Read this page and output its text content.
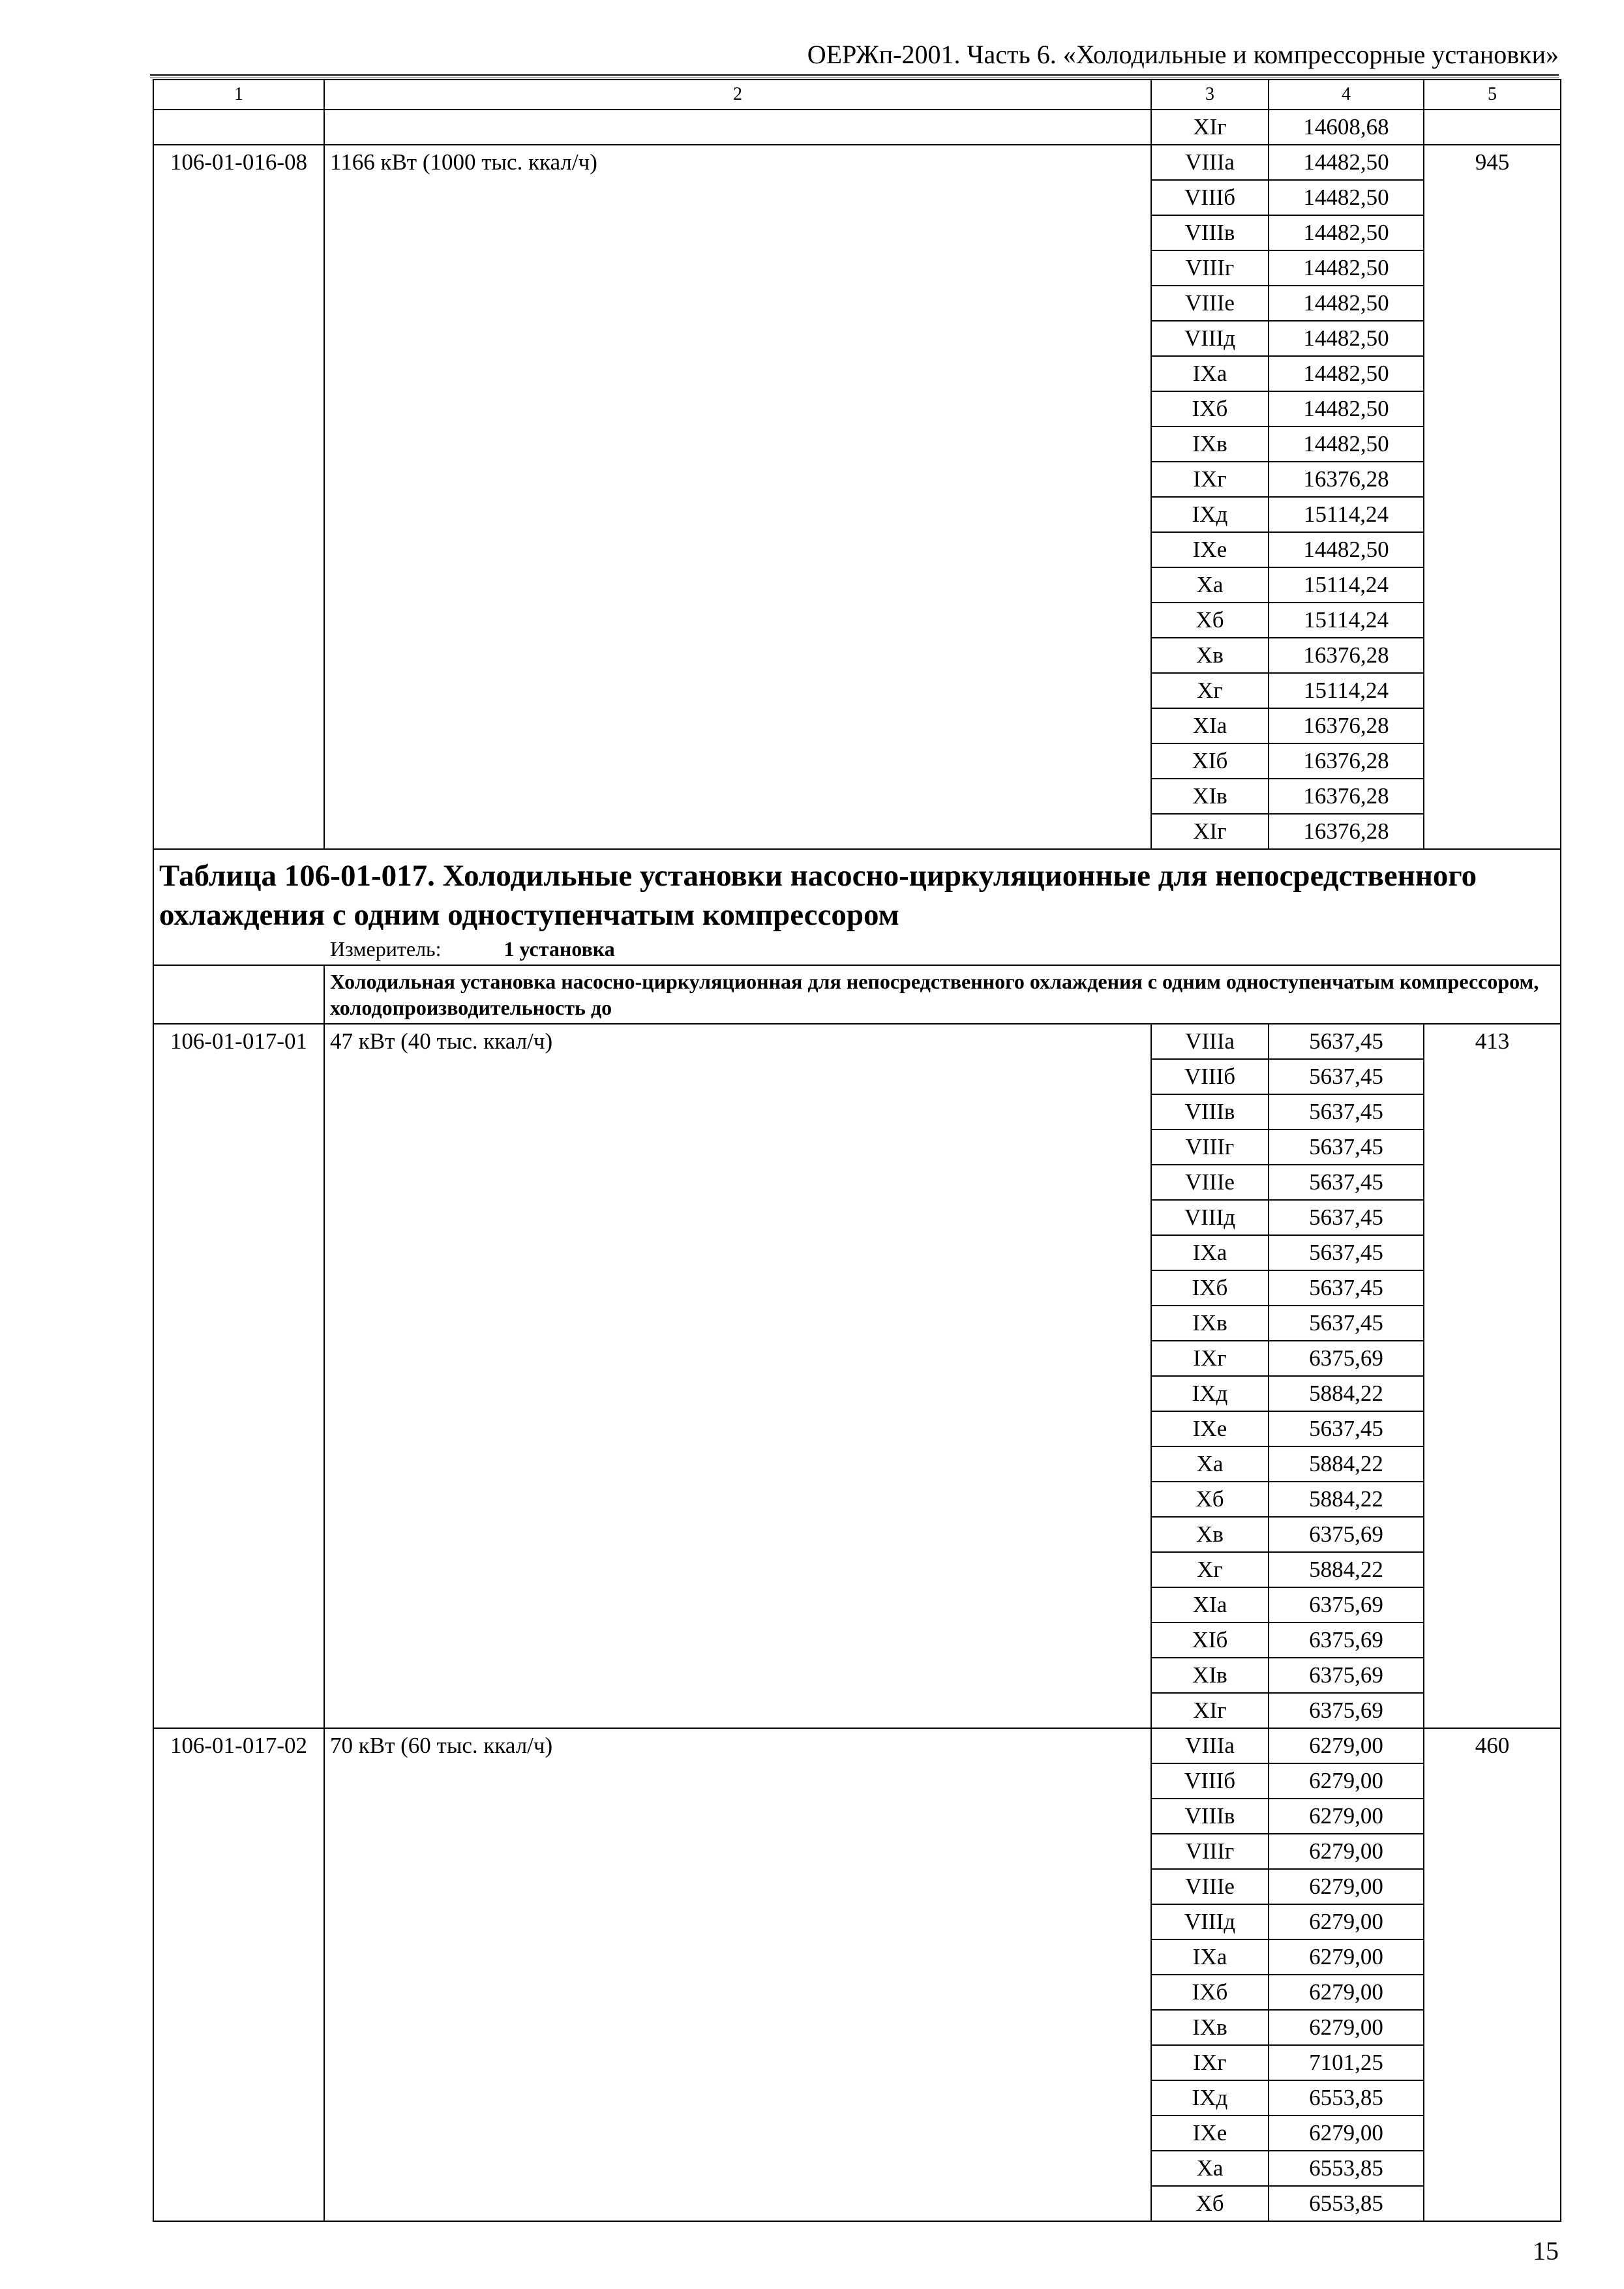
ОЕРЖп-2001. Часть 6. «Холодильные и компрессорные установки»
1	2	3	4	5
		XIг	14608,68	
106-01-016-08	1166 кВт (1000 тыс. ккал/ч)	VIIIа	14482,50	945
		VIIIб	14482,50	
		VIIIв	14482,50	
		VIIIг	14482,50	
		VIIIе	14482,50	
		VIIIд	14482,50	
		IXа	14482,50	
		IXб	14482,50	
		IXв	14482,50	
		IXг	16376,28	
		IXд	15114,24	
		IXе	14482,50	
		Xа	15114,24	
		Xб	15114,24	
		Xв	16376,28	
		Xг	15114,24	
		XIа	16376,28	
		XIб	16376,28	
		XIв	16376,28	
		XIг	16376,28	

Таблица 106-01-017. Холодильные установки насосно-циркуляционные для непосредственного охлаждения с одним одноступенчатым компрессором
Измеритель: 1 установка				

	Холодильная установка насосно-циркуляционная для непосредственного охлаждения с одним одноступенчатым компрессором, холодопроизводительность до			
106-01-017-01	47 кВт (40 тыс. ккал/ч)	VIIIа	5637,45	413
		VIIIб	5637,45	
		VIIIв	5637,45	
		VIIIг	5637,45	
		VIIIе	5637,45	
		VIIIд	5637,45	
		IXа	5637,45	
		IXб	5637,45	
		IXв	5637,45	
		IXг	6375,69	
		IXд	5884,22	
		IXе	5637,45	
		Xа	5884,22	
		Xб	5884,22	
		Xв	6375,69	
		Xг	5884,22	
		XIа	6375,69	
		XIб	6375,69	
		XIв	6375,69	
		XIг	6375,69	
106-01-017-02	70 кВт (60 тыс. ккал/ч)	VIIIа	6279,00	460
		VIIIб	6279,00	
		VIIIв	6279,00	
		VIIIг	6279,00	
		VIIIе	6279,00	
		VIIIд	6279,00	
		IXа	6279,00	
		IXб	6279,00	
		IXв	6279,00	
		IXг	7101,25	
		IXд	6553,85	
		IXе	6279,00	
		Xа	6553,85	
		Xб	6553,85	
15
